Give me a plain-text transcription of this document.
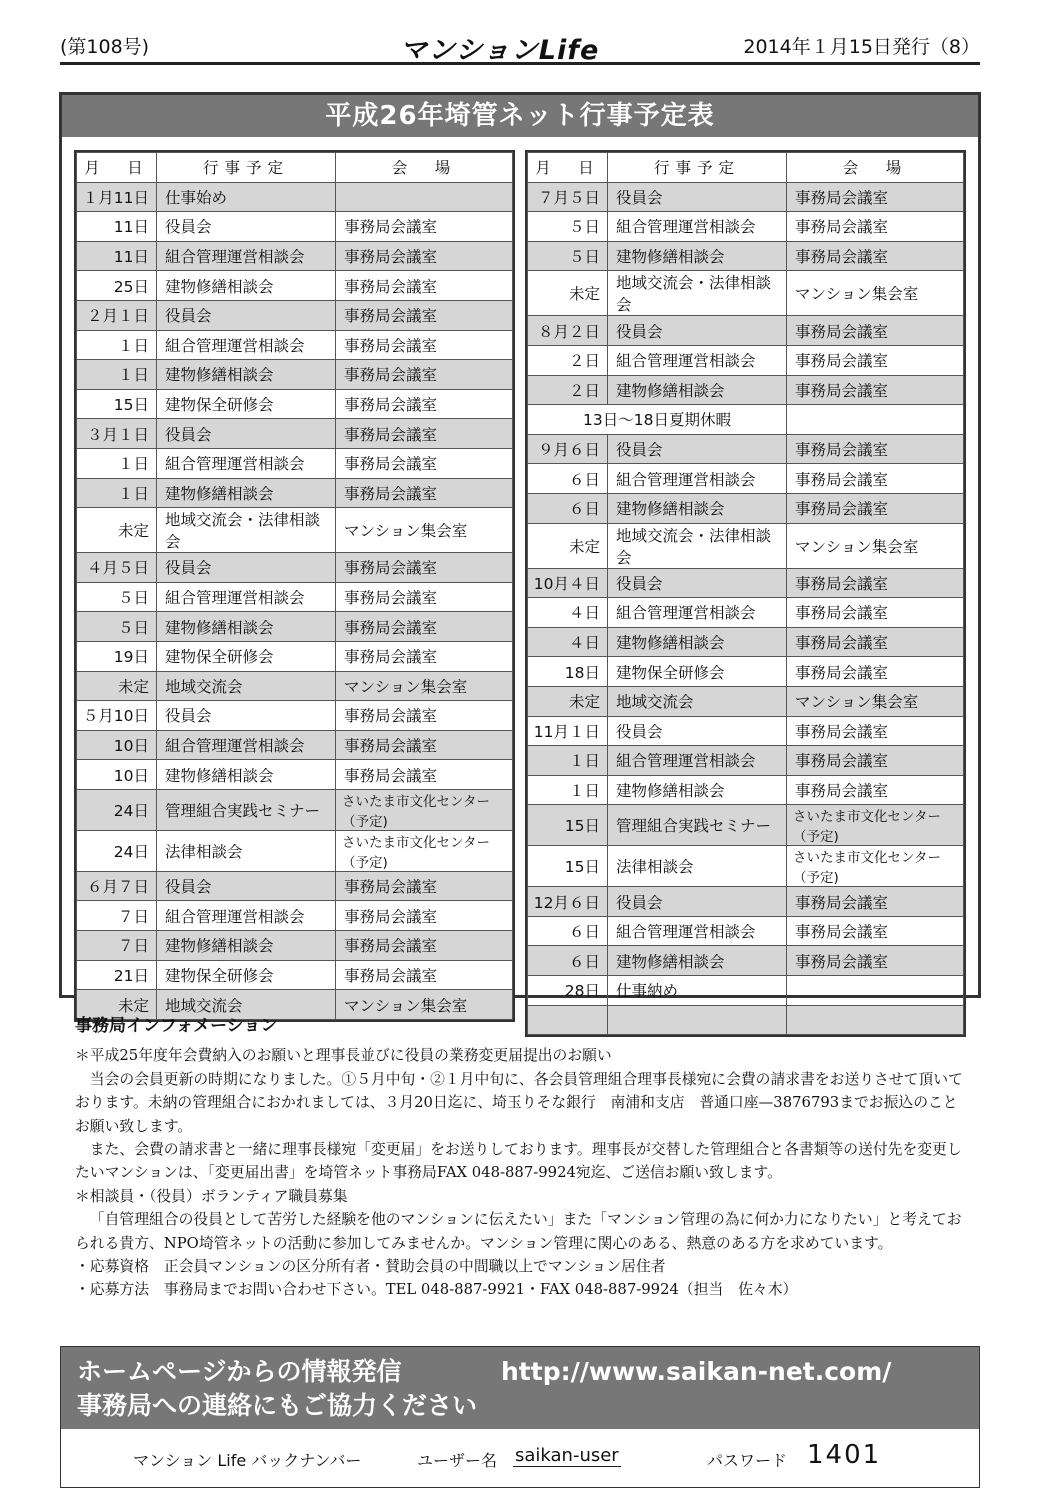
(第108号)	マンションLife	2014年１月15日発行（8）
平成26年埼管ネット行事予定表
月　日	行事予定	会　場
１月11日	仕事始め	
11日	役員会	事務局会議室
11日	組合管理運営相談会	事務局会議室
25日	建物修繕相談会	事務局会議室
２月１日	役員会	事務局会議室
１日	組合管理運営相談会	事務局会議室
１日	建物修繕相談会	事務局会議室
15日	建物保全研修会	事務局会議室
３月１日	役員会	事務局会議室
１日	組合管理運営相談会	事務局会議室
１日	建物修繕相談会	事務局会議室
未定	地域交流会・法律相談会	マンション集会室
４月５日	役員会	事務局会議室
５日	組合管理運営相談会	事務局会議室
５日	建物修繕相談会	事務局会議室
19日	建物保全研修会	事務局会議室
未定	地域交流会	マンション集会室
５月10日	役員会	事務局会議室
10日	組合管理運営相談会	事務局会議室
10日	建物修繕相談会	事務局会議室
24日	管理組合実践セミナー	さいたま市文化センター（予定)
24日	法律相談会	さいたま市文化センター（予定)
６月７日	役員会	事務局会議室
７日	組合管理運営相談会	事務局会議室
７日	建物修繕相談会	事務局会議室
21日	建物保全研修会	事務局会議室
未定	地域交流会	マンション集会室
月　日	行事予定	会　場
７月５日	役員会	事務局会議室
５日	組合管理運営相談会	事務局会議室
５日	建物修繕相談会	事務局会議室
未定	地域交流会・法律相談会	マンション集会室
８月２日	役員会	事務局会議室
２日	組合管理運営相談会	事務局会議室
２日	建物修繕相談会	事務局会議室
13日〜18日夏期休暇		
９月６日	役員会	事務局会議室
６日	組合管理運営相談会	事務局会議室
６日	建物修繕相談会	事務局会議室
未定	地域交流会・法律相談会	マンション集会室
10月４日	役員会	事務局会議室
４日	組合管理運営相談会	事務局会議室
４日	建物修繕相談会	事務局会議室
18日	建物保全研修会	事務局会議室
未定	地域交流会	マンション集会室
11月１日	役員会	事務局会議室
１日	組合管理運営相談会	事務局会議室
１日	建物修繕相談会	事務局会議室
15日	管理組合実践セミナー	さいたま市文化センター（予定)
15日	法律相談会	さいたま市文化センター（予定)
12月６日	役員会	事務局会議室
６日	組合管理運営相談会	事務局会議室
６日	建物修繕相談会	事務局会議室
28日	仕事納め	

事務局インフォメーション

＊平成25年度年会費納入のお願いと理事長並びに役員の業務変更届提出のお願い

当会の会員更新の時期になりました。①５月中旬・②１月中旬に、各会員管理組合理事長様宛に会費の請求書をお送りさせて頂いております。未納の管理組合におかれましては、３月20日迄に、埼玉りそな銀行　南浦和支店　普通口座—3876793までお振込のことお願い致します。

また、会費の請求書と一緒に理事長様宛「変更届」をお送りしております。理事長が交替した管理組合と各書類等の送付先を変更したいマンションは、「変更届出書」を埼管ネット事務局FAX 048-887-9924宛迄、ご送信お願い致します。

＊相談員・（役員）ボランティア職員募集

「自管理組合の役員として苦労した経験を他のマンションに伝えたい」また「マンション管理の為に何か力になりたい」と考えておられる貴方、NPO埼管ネットの活動に参加してみませんか。マンション管理に関心のある、熱意のある方を求めています。

・応募資格　正会員マンションの区分所有者・賛助会員の中間職以上でマンション居住者

・応募方法　事務局までお問い合わせ下さい。TEL 048-887-9921・FAX 048-887-9924（担当　佐々木）

ホームページからの情報発信	http://www.saikan-net.com/
事務局への連絡にもご協力ください
マンション Life バックナンバー	ユーザー名 saikan-user	パスワード 1401
